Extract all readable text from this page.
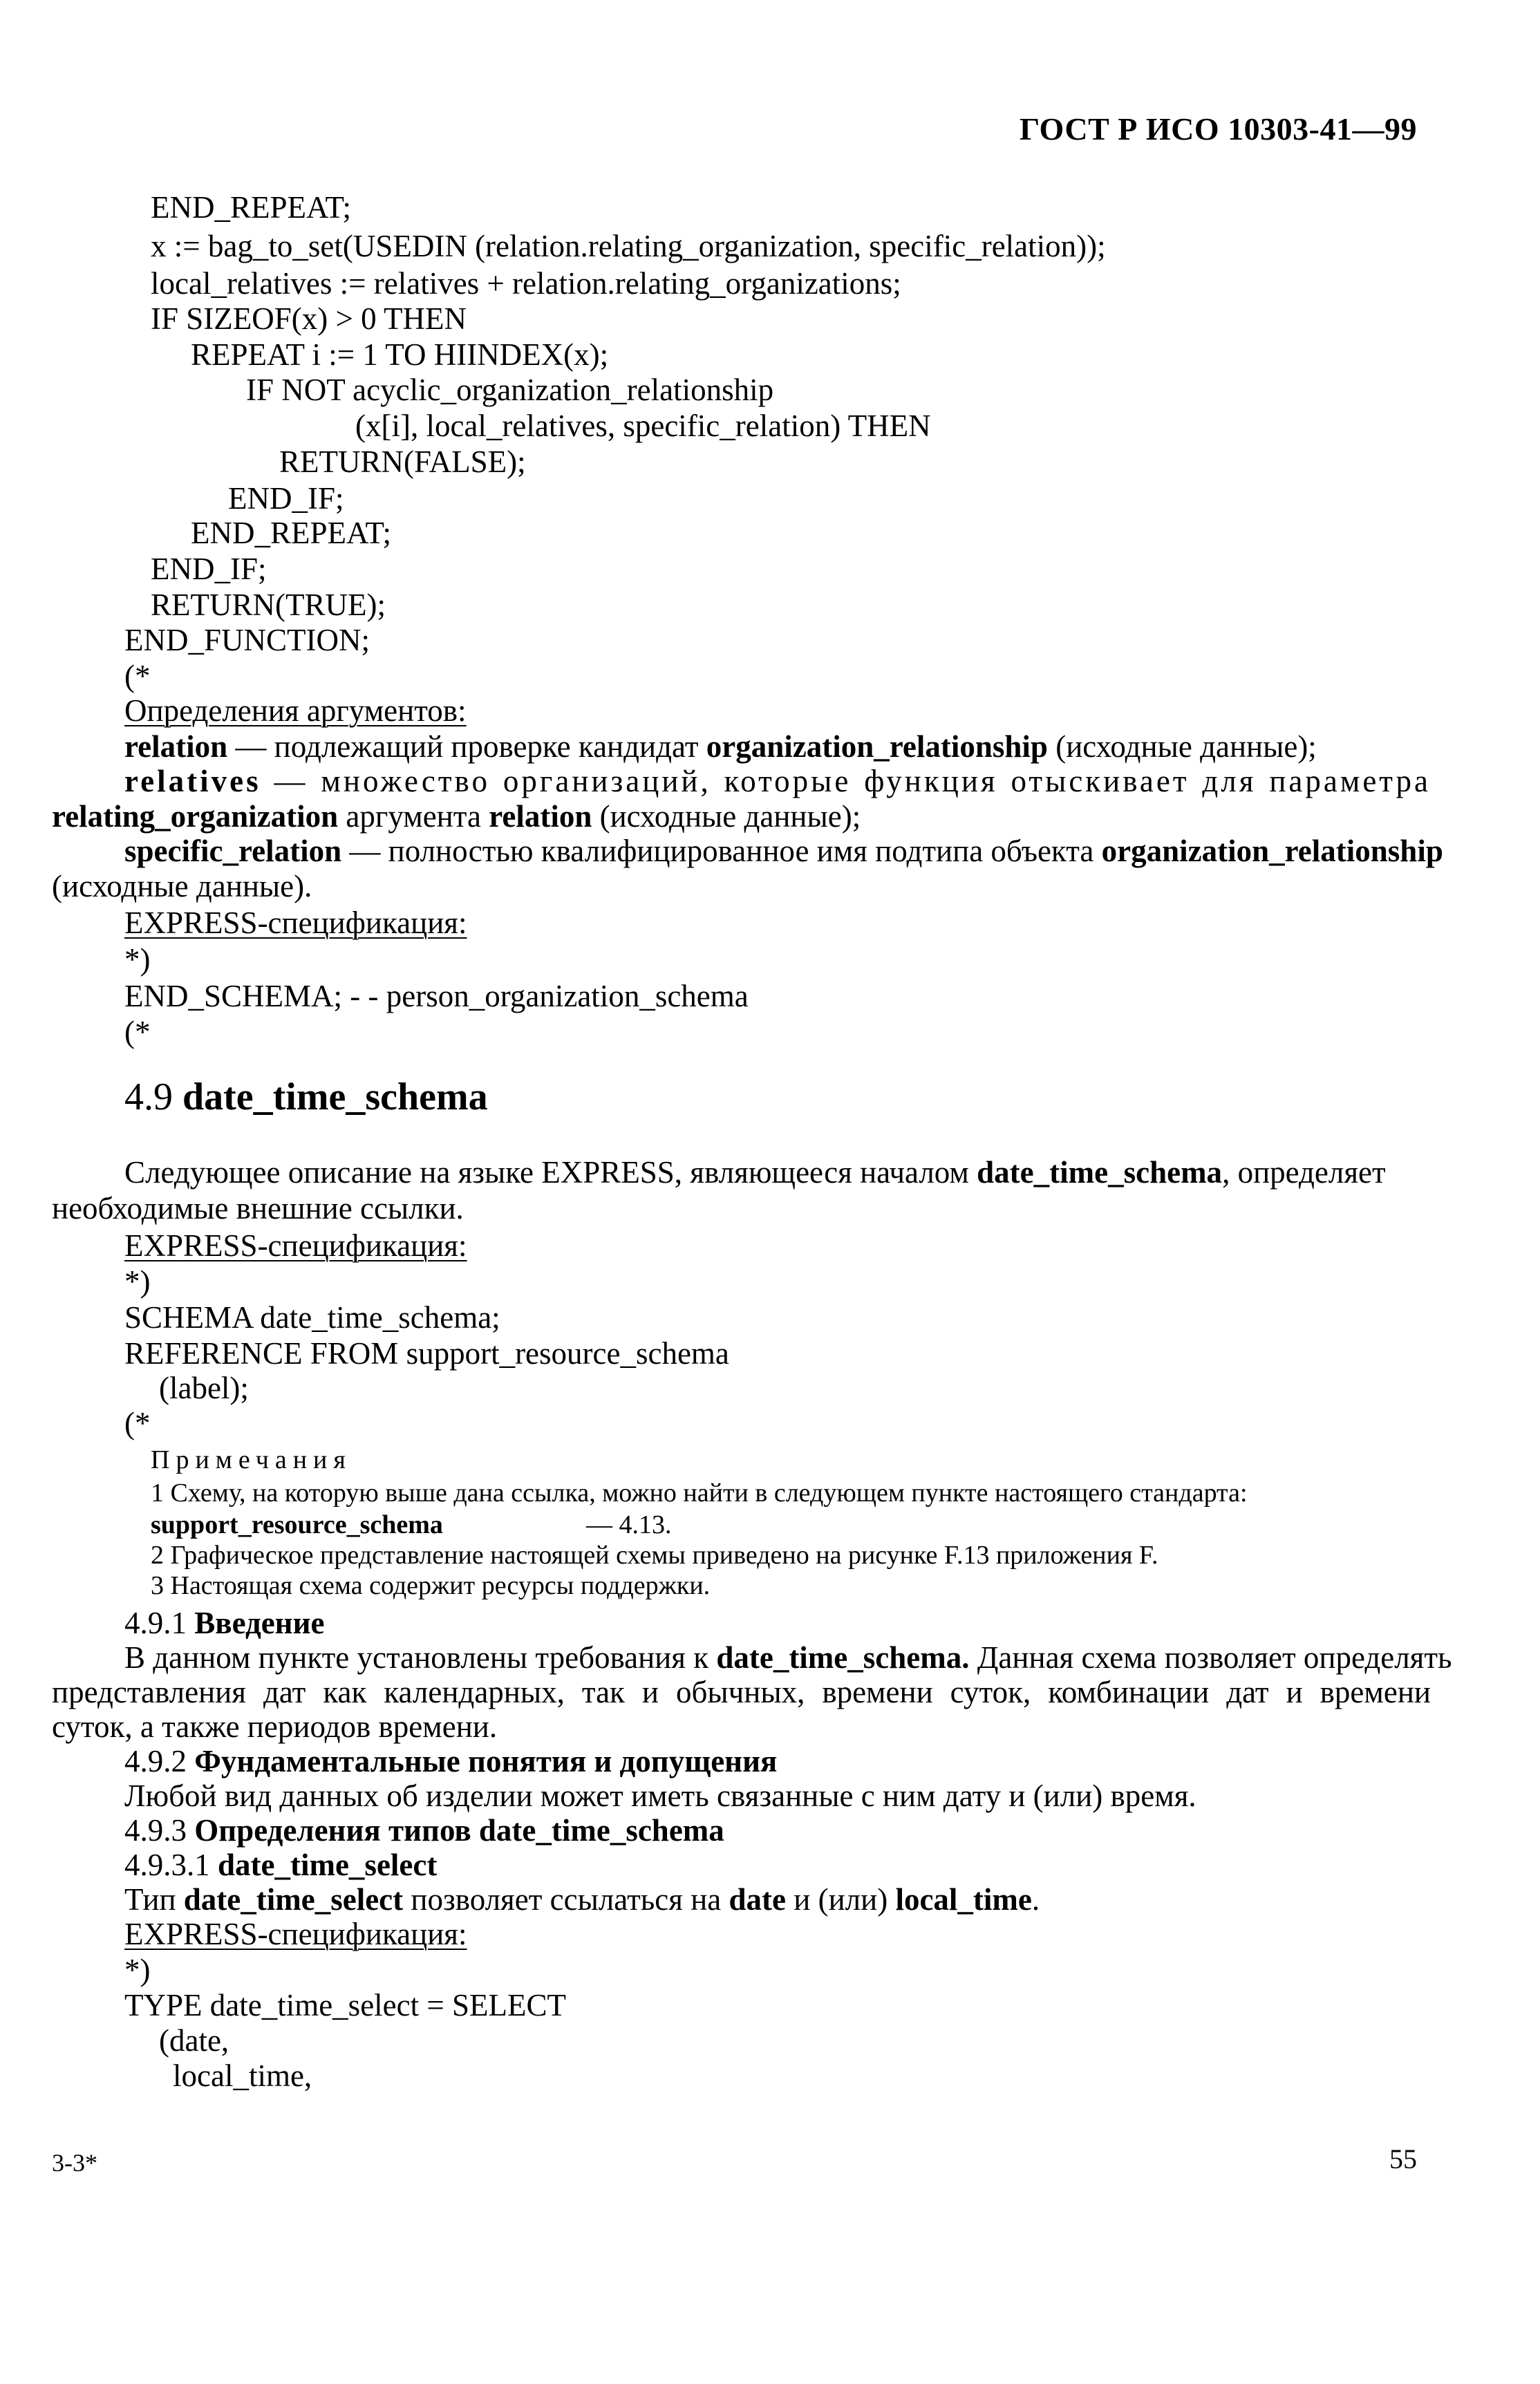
ГОСТ Р ИСО 10303-41—99
END_REPEAT;
x := bag_to_set(USEDIN (relation.relating_organization, specific_relation));
local_relatives := relatives + relation.relating_organizations;
IF SIZEOF(x) > 0 THEN
REPEAT i := 1 TO HIINDEX(x);
IF NOT acyclic_organization_relationship
(x[i], local_relatives, specific_relation) THEN
RETURN(FALSE);
END_IF;
END_REPEAT;
END_IF;
RETURN(TRUE);
END_FUNCTION;
(*
Определения аргументов:
relation — подлежащий проверке кандидат organization_relationship (исходные данные);
relatives — множество организаций, которые функция отыскивает для параметра
relating_organization аргумента relation (исходные данные);
specific_relation — полностью квалифицированное имя подтипа объекта organization_relationship
(исходные данные).
EXPRESS-спецификация:
*)
END_SCHEMA; - - person_organization_schema
(*
4.9 date_time_schema
Следующее описание на языке EXPRESS, являющееся началом date_time_schema, определяет
необходимые внешние ссылки.
EXPRESS-спецификация:
*)
SCHEMA date_time_schema;
REFERENCE FROM support_resource_schema
(label);
(*
Примечания
1 Схему, на которую выше дана ссылка, можно найти в следующем пункте настоящего стандарта:
support_resource_schema	— 4.13.
2 Графическое представление настоящей схемы приведено на рисунке F.13 приложения F.
3 Настоящая схема содержит ресурсы поддержки.
4.9.1 Введение
В данном пункте установлены требования к date_time_schema. Данная схема позволяет определять
представления дат как календарных, так и обычных, времени суток, комбинации дат и времени
суток, а также периодов времени.
4.9.2 Фундаментальные понятия и допущения
Любой вид данных об изделии может иметь связанные с ним дату и (или) время.
4.9.3 Определения типов date_time_schema
4.9.3.1 date_time_select
Тип date_time_select позволяет ссылаться на date и (или) local_time.
EXPRESS-спецификация:
*)
TYPE date_time_select = SELECT
(date,
local_time,
3-3*	55
